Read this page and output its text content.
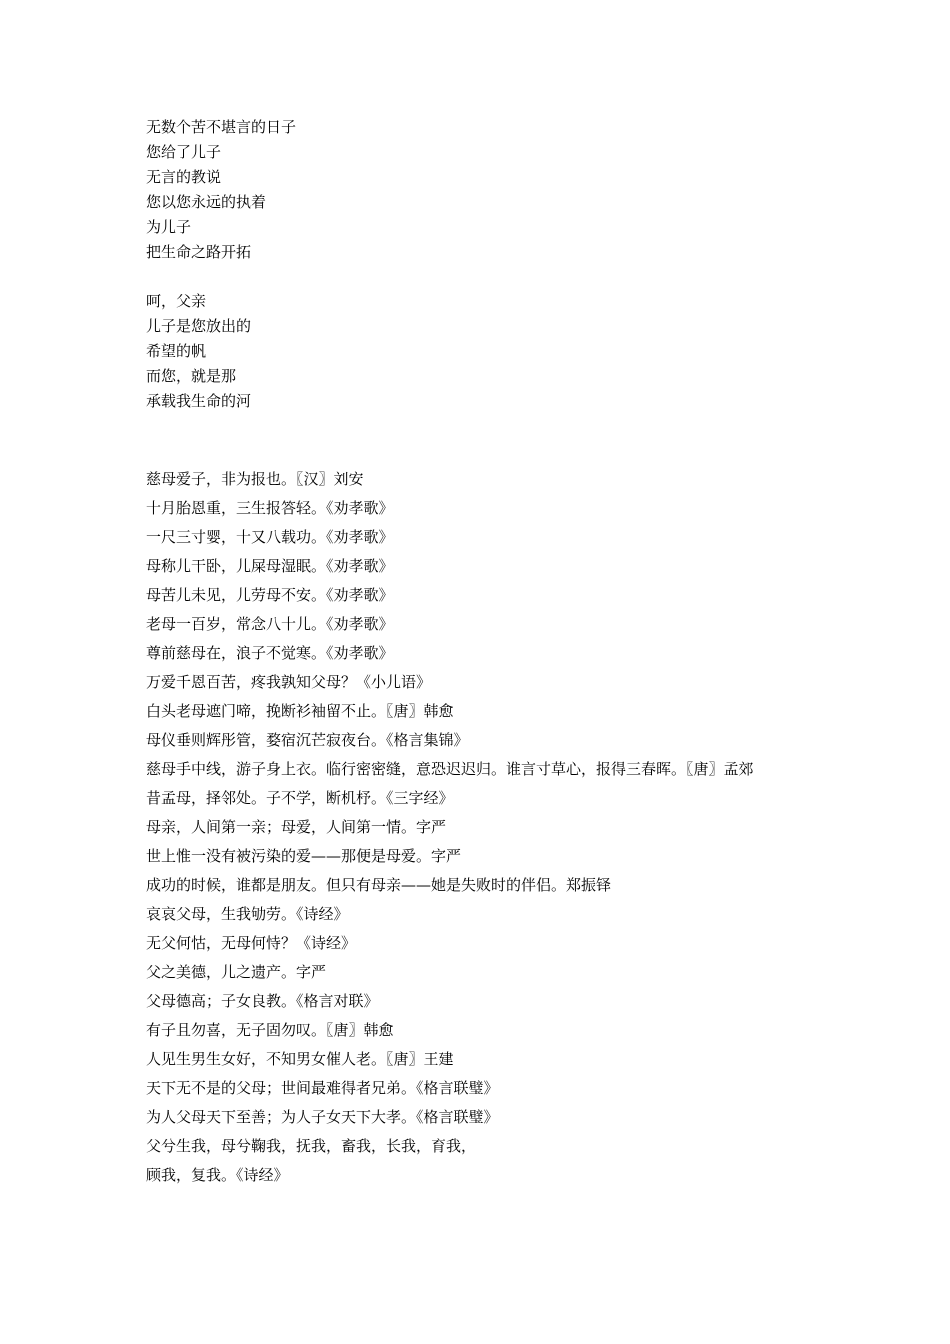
无数个苦不堪言的日子
您给了儿子
无言的教说
您以您永远的执着
为儿子
把生命之路开拓
呵，父亲
儿子是您放出的
希望的帆
而您，就是那
承载我生命的河
慈母爱子，非为报也。〖汉〗刘安
十月胎恩重，三生报答轻。《劝孝歌》
一尺三寸婴，十又八载功。《劝孝歌》
母称儿干卧，儿屎母湿眠。《劝孝歌》
母苦儿未见，儿劳母不安。《劝孝歌》
老母一百岁，常念八十儿。《劝孝歌》
尊前慈母在，浪子不觉寒。《劝孝歌》
万爱千恩百苦，疼我孰知父母？《小儿语》
白头老母遮门啼，挽断衫袖留不止。〖唐〗韩愈
母仪垂则辉彤管，婺宿沉芒寂夜台。《格言集锦》
慈母手中线，游子身上衣。临行密密缝，意恐迟迟归。谁言寸草心，报得三春晖。〖唐〗孟郊
昔孟母，择邻处。子不学，断机杼。《三字经》
母亲，人间第一亲；母爱，人间第一情。字严
世上惟一没有被污染的爱——那便是母爱。字严
成功的时候，谁都是朋友。但只有母亲——她是失败时的伴侣。郑振铎
哀哀父母，生我劬劳。《诗经》
无父何怙，无母何恃？《诗经》
父之美德，儿之遗产。字严
父母德高；子女良教。《格言对联》
有子且勿喜，无子固勿叹。〖唐〗韩愈
人见生男生女好，不知男女催人老。〖唐〗王建
天下无不是的父母；世间最难得者兄弟。《格言联璧》
为人父母天下至善；为人子女天下大孝。《格言联璧》
父兮生我，母兮鞠我，抚我，畜我，长我，育我，
顾我，复我。《诗经》
